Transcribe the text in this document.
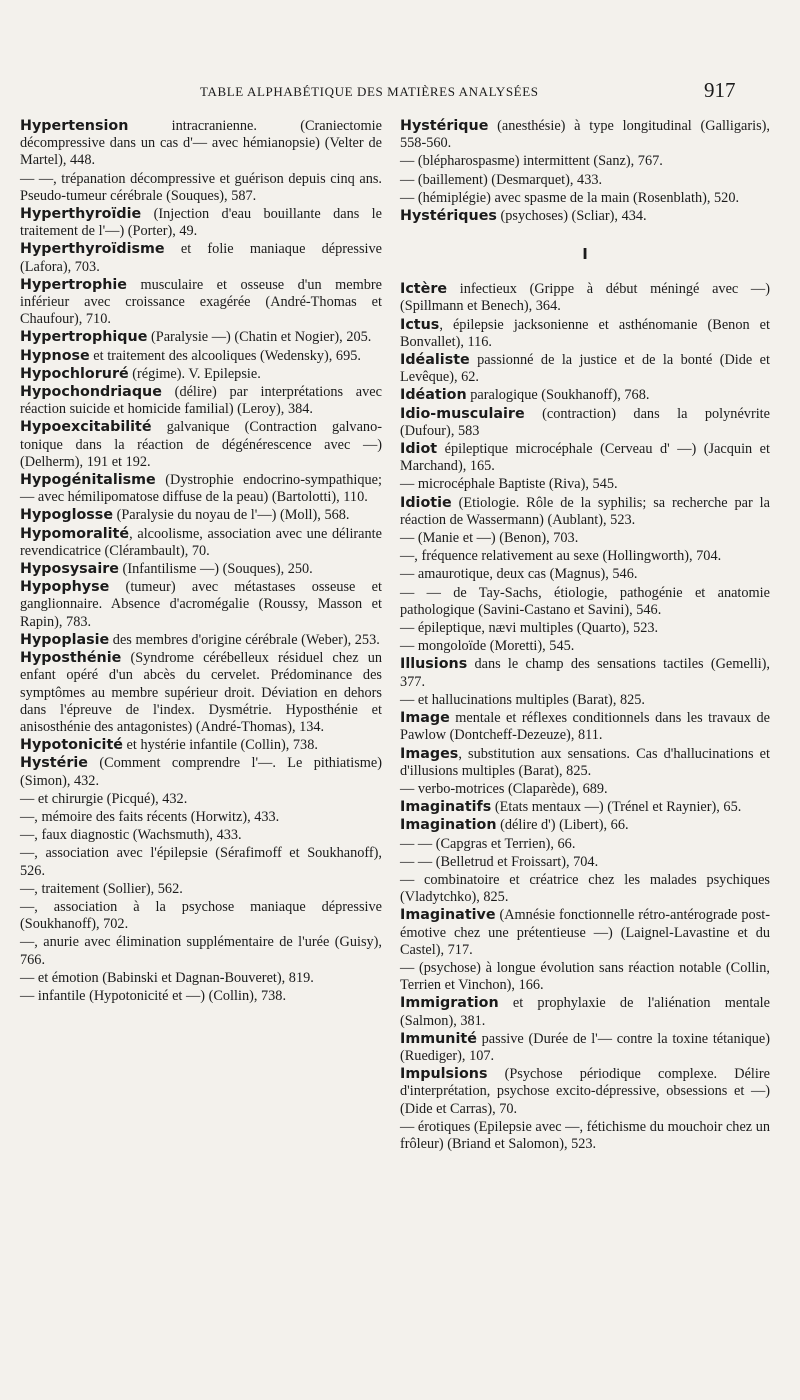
TABLE ALPHABÉTIQUE DES MATIÈRES ANALYSÉES	917
Hypertension intracranienne. (Craniectomie décompressive dans un cas d'— avec hémianopsie) (Velter de Martel), 448.
— —, trépanation décompressive et guérison depuis cinq ans. Pseudo-tumeur cérébrale (Souques), 587.
Hyperthyroïdie (Injection d'eau bouillante dans le traitement de l'—) (Porter), 49.
Hyperthyroïdisme et folie maniaque dépressive (Lafora), 703.
Hypertrophie musculaire et osseuse d'un membre inférieur avec croissance exagérée (André-Thomas et Chaufour), 710.
Hypertrophique (Paralysie —) (Chatin et Nogier), 205.
Hypnose et traitement des alcooliques (Wedensky), 695.
Hypochloruré (régime). V. Epilepsie.
Hypochondriaque (délire) par interprétations avec réaction suicide et homicide familial) (Leroy), 384.
Hypoexcitabilité galvanique (Contraction galvano-tonique dans la réaction de dégénérescence avec —) (Delherm), 191 et 192.
Hypogénitalisme (Dystrophie endocrino-sympathique; — avec hémilipomatose diffuse de la peau) (Bartolotti), 110.
Hypoglosse (Paralysie du noyau de l'—) (Moll), 568.
Hypomoralité, alcoolisme, association avec une délirante revendicatrice (Clérambault), 70.
Hyposysaire (Infantilisme —) (Souques), 250.
Hypophyse (tumeur) avec métastases osseuse et ganglionnaire. Absence d'acromégalie (Roussy, Masson et Rapin), 783.
Hypoplasie des membres d'origine cérébrale (Weber), 253.
Hyposthénie (Syndrome cérébelleux résiduel chez un enfant opéré d'un abcès du cervelet. Prédominance des symptômes au membre supérieur droit. Déviation en dehors dans l'épreuve de l'index. Dysmétrie. Hyposthénie et anisosthénie des antagonistes) (André-Thomas), 134.
Hypotonicité et hystérie infantile (Collin), 738.
Hystérie (Comment comprendre l'—. Le pithiatisme) (Simon), 432.
— et chirurgie (Picqué), 432.
—, mémoire des faits récents (Horwitz), 433.
—, faux diagnostic (Wachsmuth), 433.
—, association avec l'épilepsie (Sérafimoff et Soukhanoff), 526.
—, traitement (Sollier), 562.
—, association à la psychose maniaque dépressive (Soukhanoff), 702.
—, anurie avec élimination supplémentaire de l'urée (Guisy), 766.
— et émotion (Babinski et Dagnan-Bouveret), 819.
— infantile (Hypotonicité et —) (Collin), 738.
Hystérique (anesthésie) à type longitudinal (Galligaris), 558-560.
— (blépharospasme) intermittent (Sanz), 767.
— (baillement) (Desmarquet), 433.
— (hémiplégie) avec spasme de la main (Rosenblath), 520.
Hystériques (psychoses) (Scliar), 434.
I
Ictère infectieux (Grippe à début méningé avec —) (Spillmann et Benech), 364.
Ictus, épilepsie jacksonienne et asthénomanie (Benon et Bonvallet), 116.
Idéaliste passionné de la justice et de la bonté (Dide et Levêque), 62.
Idéation paralogique (Soukhanoff), 768.
Idio-musculaire (contraction) dans la polynévrite (Dufour), 583
Idiot épileptique microcéphale (Cerveau d' —) (Jacquin et Marchand), 165.
— microcéphale Baptiste (Riva), 545.
Idiotie (Etiologie. Rôle de la syphilis; sa recherche par la réaction de Wassermann) (Aublant), 523.
— (Manie et —) (Benon), 703.
—, fréquence relativement au sexe (Hollingworth), 704.
— amaurotique, deux cas (Magnus), 546.
— — de Tay-Sachs, étiologie, pathogénie et anatomie pathologique (Savini-Castano et Savini), 546.
— épileptique, nævi multiples (Quarto), 523.
— mongoloïde (Moretti), 545.
Illusions dans le champ des sensations tactiles (Gemelli), 377.
— et hallucinations multiples (Barat), 825.
Image mentale et réflexes conditionnels dans les travaux de Pawlow (Dontcheff-Dezeuze), 811.
Images, substitution aux sensations. Cas d'hallucinations et d'illusions multiples (Barat), 825.
— verbo-motrices (Claparède), 689.
Imaginatifs (Etats mentaux —) (Trénel et Raynier), 65.
Imagination (délire d') (Libert), 66.
— — (Capgras et Terrien), 66.
— — (Belletrud et Froissart), 704.
— combinatoire et créatrice chez les malades psychiques (Vladytchko), 825.
Imaginative (Amnésie fonctionnelle rétro-antérograde post-émotive chez une prétentieuse —) (Laignel-Lavastine et du Castel), 717.
— (psychose) à longue évolution sans réaction notable (Collin, Terrien et Vinchon), 166.
Immigration et prophylaxie de l'aliénation mentale (Salmon), 381.
Immunité passive (Durée de l'— contre la toxine tétanique) (Ruediger), 107.
Impulsions (Psychose périodique complexe. Délire d'interprétation, psychose excito-dépressive, obsessions et —) (Dide et Carras), 70.
— érotiques (Epilepsie avec —, fétichisme du mouchoir chez un frôleur) (Briand et Salomon), 523.
